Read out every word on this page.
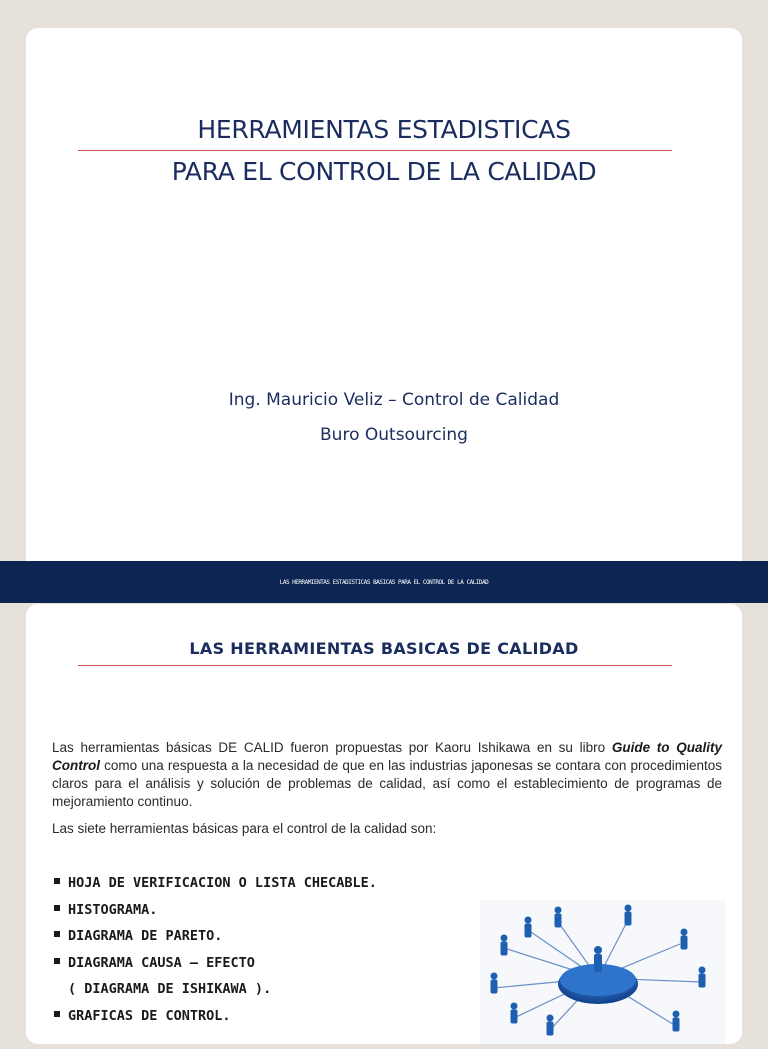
HERRAMIENTAS ESTADISTICAS
PARA EL CONTROL DE LA CALIDAD
Ing. Mauricio Veliz – Control de Calidad
Buro Outsourcing
LAS HERRAMIENTAS ESTADISTICAS BASICAS PARA EL CONTROL DE LA CALIDAD
LAS HERRAMIENTAS BASICAS DE CALIDAD

Las herramientas básicas DE CALID fueron propuestas por Kaoru Ishikawa en su libro Guide to Quality Control como una respuesta a la necesidad de que en las industrias japonesas se contara con procedimientos claros para el análisis y solución de problemas de calidad, así como el establecimiento de programas de mejoramiento continuo.

Las siete herramientas básicas para el control de la calidad son:

HOJA DE VERIFICACION O LISTA CHECABLE.
HISTOGRAMA.
DIAGRAMA DE PARETO.
DIAGRAMA CAUSA – EFECTO
( DIAGRAMA DE ISHIKAWA ).
GRAFICAS DE CONTROL.
